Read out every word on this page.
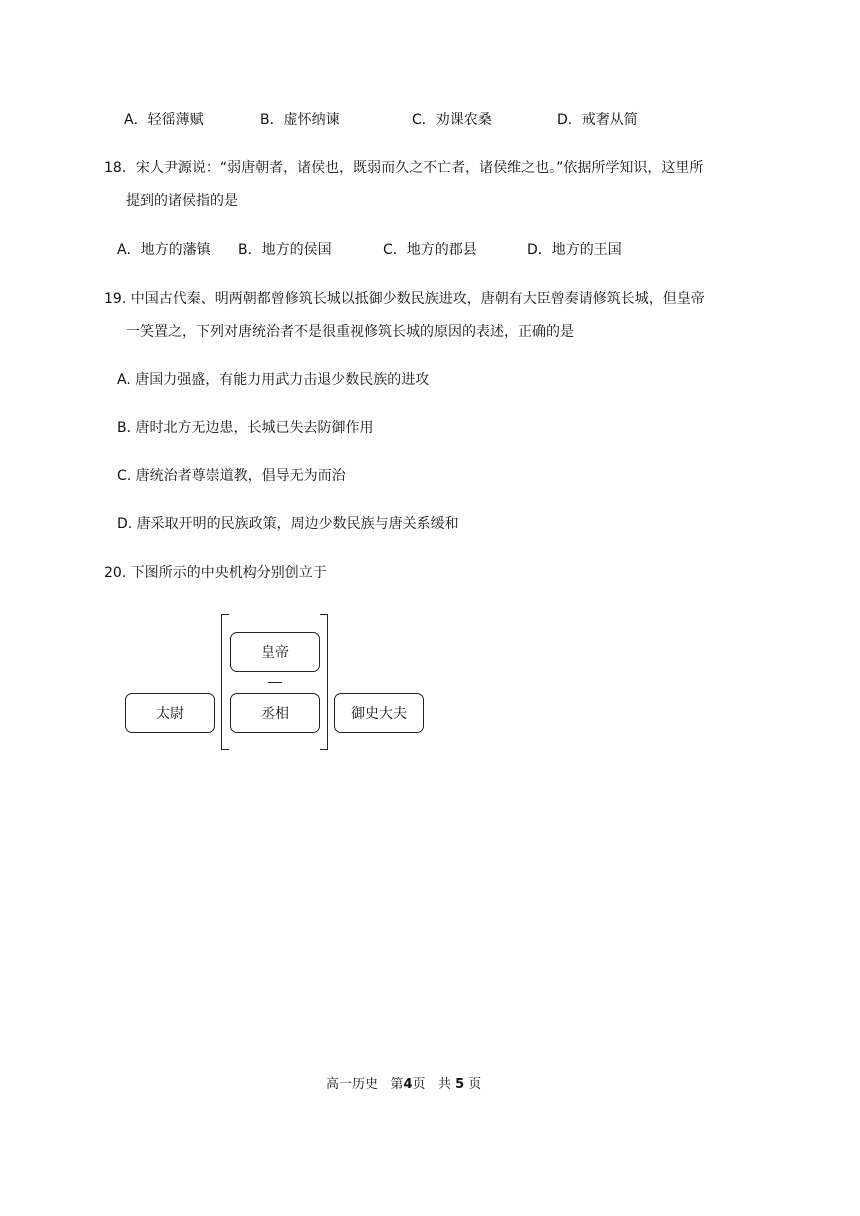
A．轻徭薄赋	B．虚怀纳谏	C．劝课农桑	D．戒奢从简
18．宋人尹源说：“弱唐朝者，诸侯也，既弱而久之不亡者，诸侯维之也。”依据所学知识，这里所
提到的诸侯指的是
A．地方的藩镇 B．地方的侯国	C．地方的郡县	D．地方的王国
19. 中国古代秦、明两朝都曾修筑长城以抵御少数民族进攻，唐朝有大臣曾奏请修筑长城，但皇帝
一笑置之，下列对唐统治者不是很重视修筑长城的原因的表述，正确的是
A. 唐国力强盛，有能力用武力击退少数民族的进攻
B. 唐时北方无边患，长城已失去防御作用
C. 唐统治者尊崇道教，倡导无为而治
D. 唐采取开明的民族政策，周边少数民族与唐关系缓和
20. 下图所示的中央机构分别创立于
皇帝
丞相
太尉	御史大夫
高一历史 第4页 共 5 页
